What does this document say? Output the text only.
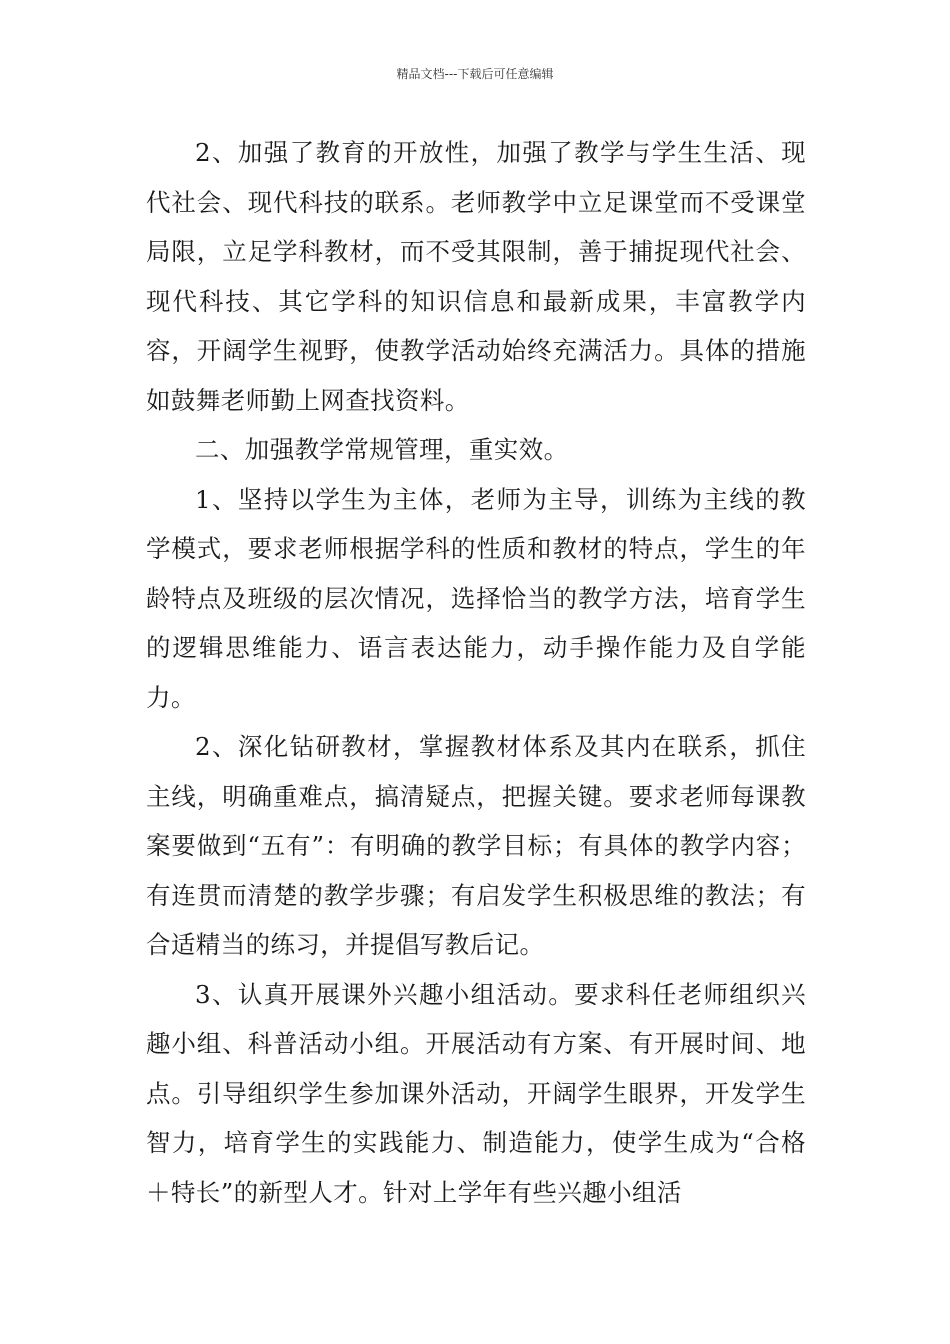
精品文档---下载后可任意编辑

2、加强了教育的开放性，加强了教学与学生生活、现代社会、现代科技的联系。老师教学中立足课堂而不受课堂局限，立足学科教材，而不受其限制，善于捕捉现代社会、现代科技、其它学科的知识信息和最新成果，丰富教学内容，开阔学生视野，使教学活动始终充满活力。具体的措施如鼓舞老师勤上网查找资料。

二、加强教学常规管理，重实效。

1、坚持以学生为主体，老师为主导，训练为主线的教学模式，要求老师根据学科的性质和教材的特点，学生的年龄特点及班级的层次情况，选择恰当的教学方法，培育学生的逻辑思维能力、语言表达能力，动手操作能力及自学能力。

2、深化钻研教材，掌握教材体系及其内在联系，抓住主线，明确重难点，搞清疑点，把握关键。要求老师每课教案要做到“五有”：有明确的教学目标；有具体的教学内容；有连贯而清楚的教学步骤；有启发学生积极思维的教法；有合适精当的练习，并提倡写教后记。

3、认真开展课外兴趣小组活动。要求科任老师组织兴趣小组、科普活动小组。开展活动有方案、有开展时间、地点。引导组织学生参加课外活动，开阔学生眼界，开发学生智力，培育学生的实践能力、制造能力，使学生成为“合格＋特长”的新型人才。针对上学年有些兴趣小组活
